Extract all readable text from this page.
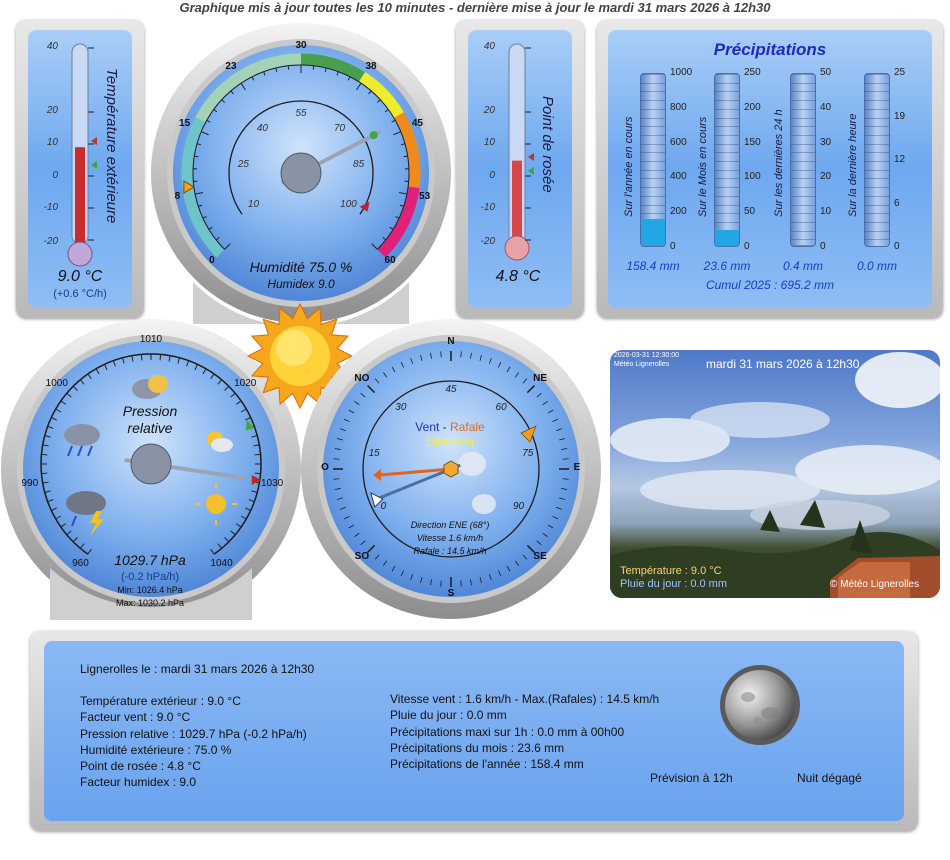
Graphique mis à jour toutes les 10 minutes - dernière mise à jour le mardi 31 mars 2026 à 12h30
40
20
10
0
-10
-20
Température extérieure
9.0 °C
(+0.6 °C/h)
0
8
15
23
30
38
45
53
60
10
25
40
55
70
85
100
Humidité 75.0 %
Humidex 9.0
40
20
10
0
-10
-20
Point de rosée
4.8 °C
Précipitations
1000
800
600
400
200
0
Sur l'année en cours
158.4 mm
250
200
150
100
50
0
Sur le Mois en cours
23.6 mm
50
40
30
20
10
0
Sur les dernières 24 h
0.4 mm
25
19
12
6
0
Sur la dernière heure
0.0 mm
Cumul 2025 : 695.2 mm
960
990
1000
1010
1020
1030
1040
Pression
relative
1029.7 hPa
(-0.2 hPa/h)
Min: 1026.4 hPa
Max: 1030.2 hPa
N
NE
E
SE
S
SO
O
NO
0
15
30
45
60
75
90
Vent - Rafale
Direction
Direction ENE (68°)
Vitesse 1.6 km/h
Rafale : 14.5 km/h
2026-03-31 12:30:00
Météo Lignerolles	mardi 31 mars 2026 à 12h30
Température : 9.0 °C
Pluie du jour : 0.0 mm	© Météo Lignerolles
Lignerolles le : mardi 31 mars 2026 à 12h30
Température extérieur : 9.0 °C
Facteur vent : 9.0 °C
Pression relative : 1029.7 hPa (-0.2 hPa/h)
Humidité extérieure : 75.0 %
Point de rosée : 4.8 °C
Facteur humidex : 9.0
Vitesse vent : 1.6 km/h - Max.(Rafales) : 14.5 km/h
Pluie du jour : 0.0 mm
Précipitations maxi sur 1h : 0.0 mm à 00h00
Précipitations du mois : 23.6 mm
Précipitations de l'année : 158.4 mm
Prévision à 12h	Nuit dégagé
